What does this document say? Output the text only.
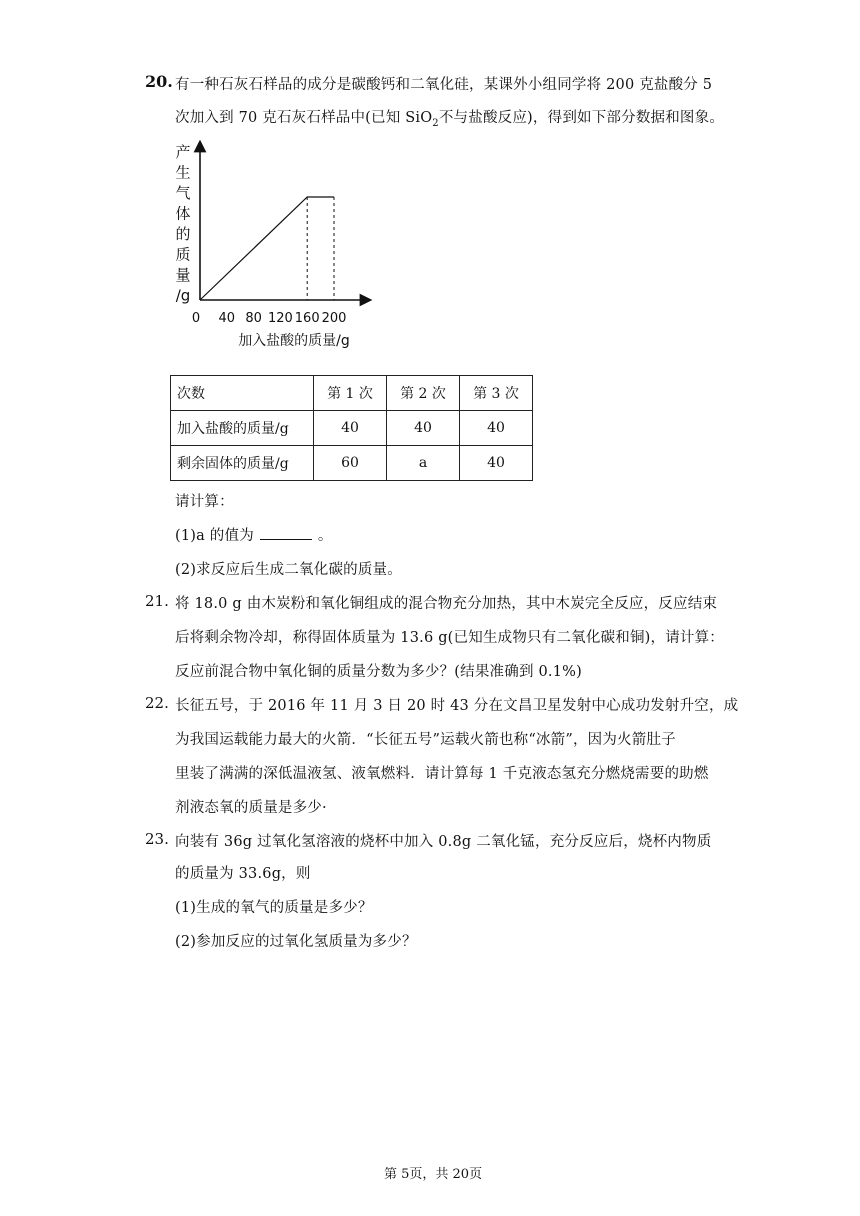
20. 有一种石灰石样品的成分是碳酸钙和二氧化硅，某课外小组同学将 200 克盐酸分 5
次加入到 70 克石灰石样品中(已知 SiO$_2$不与盐酸反应)，得到如下部分数据和图象。
产
生
气
体
的
质
量
/g
0 40 80 120 160 200
加入盐酸的质量/g
次数	第 1 次	第 2 次	第 3 次
加入盐酸的质量/g	40	40	40
剩余固体的质量/g	60	a	40
请计算：
(1)a 的值为	。
(2)求反应后生成二氧化碳的质量。
21. 将 18.0 g 由木炭粉和氧化铜组成的混合物充分加热，其中木炭完全反应，反应结束
后将剩余物冷却，称得固体质量为 13.6 g(已知生成物只有二氧化碳和铜)，请计算：
反应前混合物中氧化铜的质量分数为多少？(结果准确到 0.1%)
22. 长征五号，于 2016 年 11 月 3 日 20 时 43 分在文昌卫星发射中心成功发射升空，成
为我国运载能力最大的火箭．“长征五号”运载火箭也称“冰箭”，因为火箭肚子
里装了满满的深低温液氢、液氧燃料．请计算每 1 千克液态氢充分燃烧需要的助燃
剂液态氧的质量是多少·
23. 向装有 36g 过氧化氢溶液的烧杯中加入 0.8g 二氧化锰，充分反应后，烧杯内物质
的质量为 33.6g，则
(1)生成的氧气的质量是多少？
(2)参加反应的过氧化氢质量为多少？
第 5页，共 20页
